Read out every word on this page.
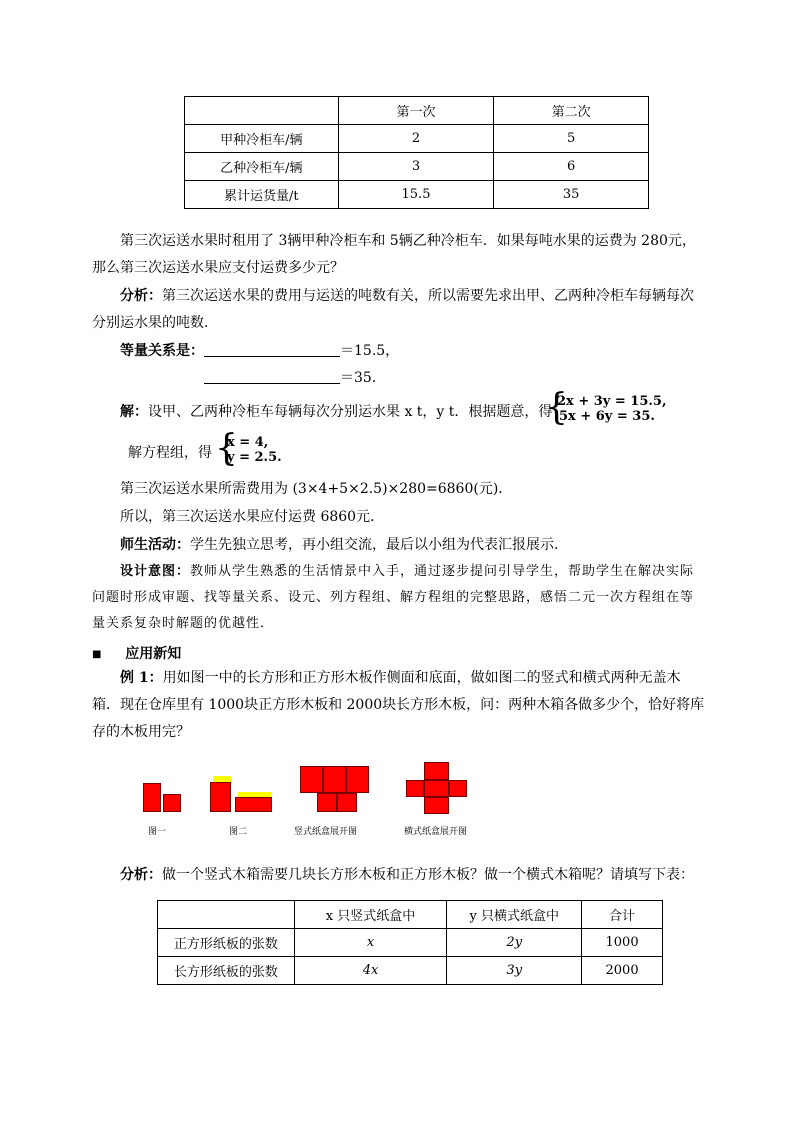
	第一次	第二次
甲种冷柜车/辆	2	5
乙种冷柜车/辆	3	6
累计运货量/t	15.5	35
第三次运送水果时租用了 3辆甲种冷柜车和 5辆乙种冷柜车．如果每吨水果的运费为 280元，
那么第三次运送水果应支付运费多少元？
分析：第三次运送水果的费用与运送的吨数有关，所以需要先求出甲、乙两种冷柜车每辆每次
分别运水果的吨数．
等量关系是：	＝15.5，
＝35．
解：设甲、乙两种冷柜车每辆每次分别运水果 x t，y t．根据题意，得
{
2x + 3y = 15.5,
5x + 6y = 35.
解方程组，得 {
x = 4,
y = 2.5.
第三次运送水果所需费用为 (3×4+5×2.5)×280=6860(元)．
所以，第三次运送水果应付运费 6860元．
师生活动：学生先独立思考，再小组交流，最后以小组为代表汇报展示．
设计意图：教师从学生熟悉的生活情景中入手，通过逐步提问引导学生，帮助学生在解决实际
问题时形成审题、找等量关系、设元、列方程组、解方程组的完整思路，感悟二元一次方程组在等
量关系复杂时解题的优越性．
■ 应用新知
例 1：用如图一中的长方形和正方形木板作侧面和底面，做如图二的竖式和横式两种无盖木
箱．现在仓库里有 1000块正方形木板和 2000块长方形木板，问：两种木箱各做多少个，恰好将库
存的木板用完？
图一	图二	竖式纸盒展开图	横式纸盒展开图
分析：做一个竖式木箱需要几块长方形木板和正方形木板？做一个横式木箱呢？请填写下表：
	x 只竖式纸盒中	y 只横式纸盒中	合计
正方形纸板的张数	x	2y	1000
长方形纸板的张数	4x	3y	2000
